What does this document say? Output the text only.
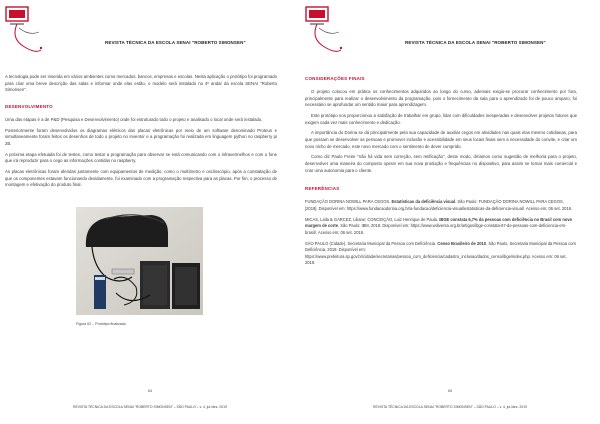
REVISTA TÉCNICA DA ESCOLA SENAI "ROBERTO SIMONSEN"

A tecnologia pode ser inserida em vários ambientes como mercados, bancos, empresas e escolas. Nesta aplicação o protótipo foi programado para criar uma breve descrição das salas e informar onde elas estão, o modelo será instalado no 4º andar da escola SENAI "Roberto Simonsen".

DESENVOLVIMENTO

Uma das etapas é a de P&D (Pesquisa e Desenvolvimento) onde foi estruturado todo o projeto e analisado o local onde será instalado.

Posteriormente foram desenvolvidos os diagramas elétricos das placas eletrônicas por meio de um software denominado Proteus e simultaneamente foram feitos os desenhos de todo o projeto no Inventor e a programação foi realizada em linguagem python no raspberry pi 2B.

A próxima etapa efetuada foi de testes, como testar a programação para observar se está comunicando com o infravermelhos e com o fone que irá reproduzir para o cego as informações contidas no raspberry.

As placas eletrônicas foram aferidas juntamente com equipamentos de medição, como o multímetro e osciloscópio, após a constatação de que os componentes estavam funcionando devidamente, foi examinado com a programação respectiva para as placas. Por fim, o processo de montagem e efetivação do produto final.

Figura 02 – Protótipo finalizado
64
REVISTA TÉCNICA DA ESCOLA SENAI "ROBERTO SIMONSEN" – SÃO PAULO – v. 4, jul./dez. 2019
REVISTA TÉCNICA DA ESCOLA SENAI "ROBERTO SIMONSEN"
CONSIDERAÇÕES FINAIS

O projeto colocou em prática os conhecimentos adquiridos ao longo do curso, ademais exigiu-se procurar conhecimento por fora, principalmente para realizar o desenvolvimento da programação, pois o fornecimento da sala para o aprendizado foi de pouco amparo, foi necessário se aprofundar um sentido maior para aprendizagem.

Este protótipo nos proporcionou a satisfação de trabalhar em grupo, lidar com dificuldades inesperadas e desenvolver projetos futuros que exigem cada vez mais conhecimento e dedicação.

A importância do Dorina se dá principalmente pela sua capacidade de auxiliar cegos em atividades nas quais elas mesmo cotidianas, para que possam se desenvolver as pessoas e promover inclusão e acessibilidade em seus locais finais sem a necessidade do convite, e criar um novo nicho de mercado, este novo mercado com o sentimento de dever cumprido.

Como diz Paulo Freire "não há vida sem correção, sem retificação", deste modo, diríamos como sugestão de melhoria para o projeto, desenvolver uma maneira do composto operar em sua nova produção e frequências no dispositivo, para assim se tornar mais comercial e criar uma autonomia para o cliente.

REFERÊNCIAS
FUNDAÇÃO DORINA NOWILL PARA CEGOS. Estatísticas da deficiência visual. São Paulo: FUNDAÇÃO DORINA NOWILL PARA CEGOS, [2019]. Disponível em: https://www.fundacaodorina.org.br/a-fundacao/deficiencia-visual/estatisticas-da-deficiencia-visual/. Acesso em: 06 set. 2019.
MICAS, Laila & GARCEZ, Liliane; CONCEIÇÃO, Luiz Henrique de Paula. IBGE constata 6,7% da pessoas com deficiência no Brasil com novo margem de corte. São Paulo: IBM, 2018. Disponível em: https://www.wdiversa.org.br/artigos/ibge-constata-67-de-pessoas-com-deficiencia-em-brasil/. Acesso em: 06 set. 2019.
SÃO PAULO (Cidade). Secretaria Municipal da Pessoa com Deficiência. Censo Brasileiro de 2010. São Paulo, Secretaria Municipal da Pessoa com Deficiência, 2019. Disponível em: https://www.prefeitura.sp.gov.br/cidade/secretarias/pessoa_com_deficiencia/cadastro_inclusao/dados_censo/ibge/index.php. Acesso em: 06 set. 2019.
65
REVISTA TÉCNICA DA ESCOLA SENAI "ROBERTO SIMONSEN" – SÃO PAULO – v. 4, jul./dez. 2019
